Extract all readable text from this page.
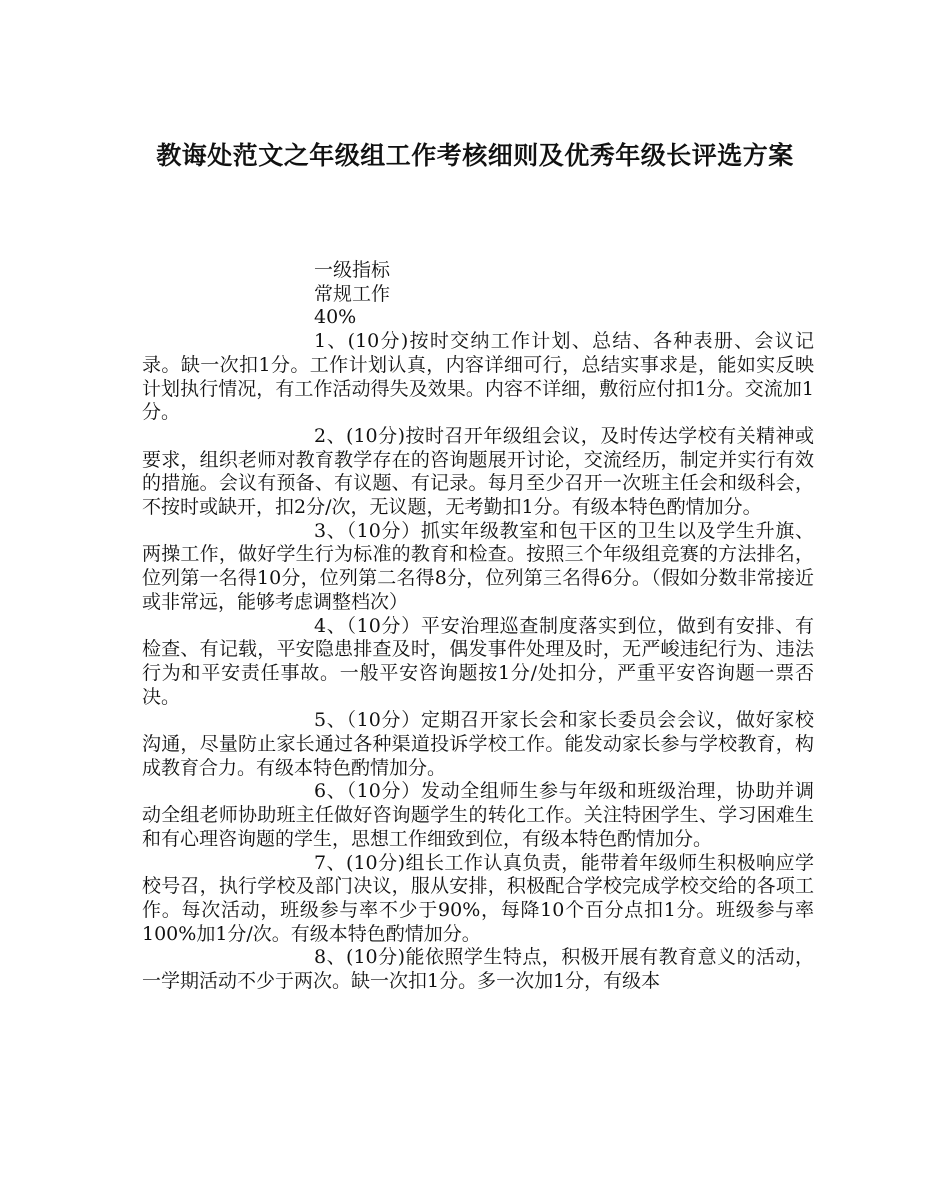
教诲处范文之年级组工作考核细则及优秀年级长评选方案

一级指标

常规工作

40%

1、(10分)按时交纳工作计划、总结、各种表册、会议记录。缺一次扣1分。工作计划认真，内容详细可行，总结实事求是，能如实反映计划执行情况，有工作活动得失及效果。内容不详细，敷衍应付扣1分。交流加1分。

2、(10分)按时召开年级组会议，及时传达学校有关精神或要求，组织老师对教育教学存在的咨询题展开讨论，交流经历，制定并实行有效的措施。会议有预备、有议题、有记录。每月至少召开一次班主任会和级科会，不按时或缺开，扣2分/次，无议题，无考勤扣1分。有级本特色酌情加分。

3、（10分）抓实年级教室和包干区的卫生以及学生升旗、两操工作，做好学生行为标准的教育和检查。按照三个年级组竞赛的方法排名，位列第一名得10分，位列第二名得8分，位列第三名得6分。（假如分数非常接近或非常远，能够考虑调整档次）

4、（10分）平安治理巡查制度落实到位，做到有安排、有检查、有记载，平安隐患排查及时，偶发事件处理及时，无严峻违纪行为、违法行为和平安责任事故。一般平安咨询题按1分/处扣分，严重平安咨询题一票否决。

5、（10分）定期召开家长会和家长委员会会议，做好家校沟通，尽量防止家长通过各种渠道投诉学校工作。能发动家长参与学校教育，构成教育合力。有级本特色酌情加分。

6、（10分）发动全组师生参与年级和班级治理，协助并调动全组老师协助班主任做好咨询题学生的转化工作。关注特困学生、学习困难生和有心理咨询题的学生，思想工作细致到位，有级本特色酌情加分。

7、(10分)组长工作认真负责，能带着年级师生积极响应学校号召，执行学校及部门决议，服从安排，积极配合学校完成学校交给的各项工作。每次活动，班级参与率不少于90%，每降10个百分点扣1分。班级参与率100%加1分/次。有级本特色酌情加分。

8、(10分)能依照学生特点，积极开展有教育意义的活动，一学期活动不少于两次。缺一次扣1分。多一次加1分，有级本
